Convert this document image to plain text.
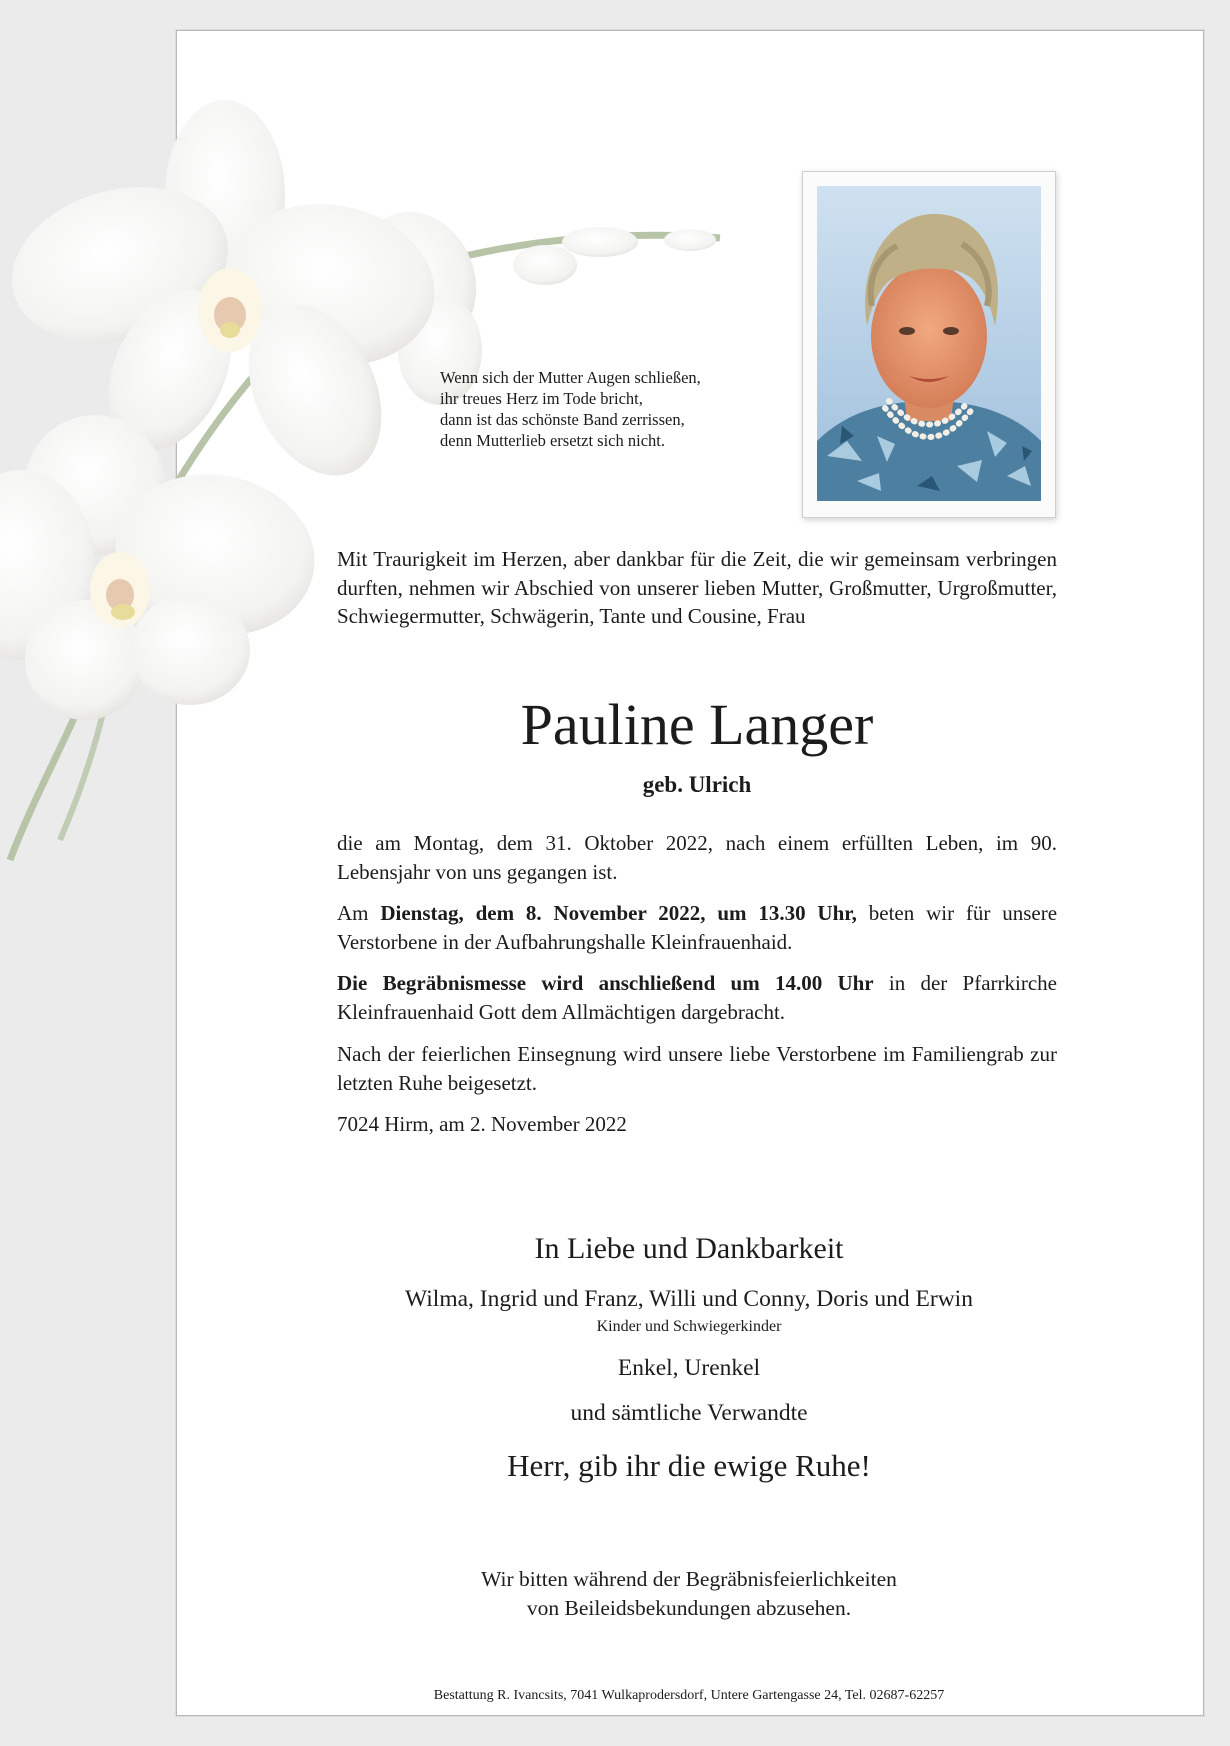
Wenn sich der Mutter Augen schließen,
ihr treues Herz im Tode bricht,
dann ist das schönste Band zerrissen,
denn Mutterlieb ersetzt sich nicht.
Mit Traurigkeit im Herzen, aber dankbar für die Zeit, die wir gemeinsam verbringen durften, nehmen wir Abschied von unserer lieben Mutter, Großmutter, Urgroßmutter, Schwiegermutter, Schwägerin, Tante und Cousine, Frau
Pauline Langer
geb. Ulrich
die am Montag, dem 31. Oktober 2022, nach einem erfüllten Leben, im 90. Lebensjahr von uns gegangen ist.
Am Dienstag, dem 8. November 2022, um 13.30 Uhr, beten wir für unsere Verstorbene in der Aufbahrungshalle Kleinfrauenhaid.
Die Begräbnismesse wird anschließend um 14.00 Uhr in der Pfarrkirche Kleinfrauenhaid Gott dem Allmächtigen dargebracht.
Nach der feierlichen Einsegnung wird unsere liebe Verstorbene im Familiengrab zur letzten Ruhe beigesetzt.
7024 Hirm, am 2. November 2022
In Liebe und Dankbarkeit
Wilma, Ingrid und Franz, Willi und Conny, Doris und Erwin
Kinder und Schwiegerkinder
Enkel, Urenkel
und sämtliche Verwandte
Herr, gib ihr die ewige Ruhe!
Wir bitten während der Begräbnisfeierlichkeiten
von Beileidsbekundungen abzusehen.
Bestattung R. Ivancsits, 7041 Wulkaprodersdorf, Untere Gartengasse 24, Tel. 02687-62257
